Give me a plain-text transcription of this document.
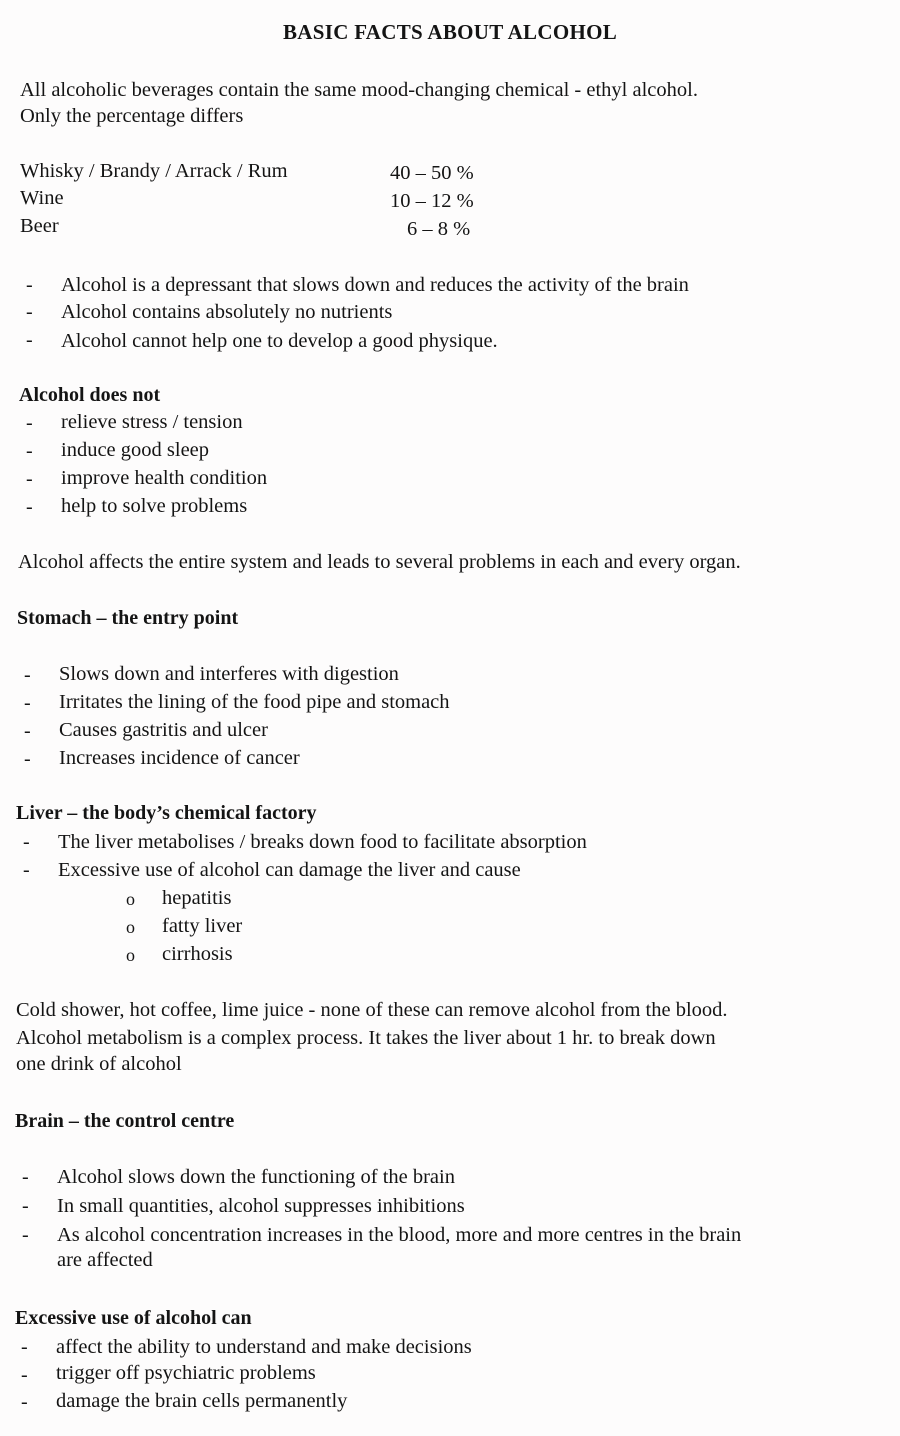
BASIC FACTS ABOUT ALCOHOL
All alcoholic beverages contain the same mood-changing chemical - ethyl alcohol.
Only the percentage differs
Whisky / Brandy / Arrack / Rum	40 – 50 %
Wine	10 – 12 %
Beer	6 – 8 %
- Alcohol is a depressant that slows down and reduces the activity of the brain
- Alcohol contains absolutely no nutrients
- Alcohol cannot help one to develop a good physique.
Alcohol does not
- relieve stress / tension
- induce good sleep
- improve health condition
- help to solve problems
Alcohol affects the entire system and leads to several problems in each and every organ.
Stomach – the entry point
- Slows down and interferes with digestion
- Irritates the lining of the food pipe and stomach
- Causes gastritis and ulcer
- Increases incidence of cancer
Liver – the body’s chemical factory
- The liver metabolises / breaks down food to facilitate absorption
- Excessive use of alcohol can damage the liver and cause
o hepatitis
o fatty liver
o cirrhosis
Cold shower, hot coffee, lime juice - none of these can remove alcohol from the blood.
Alcohol metabolism is a complex process. It takes the liver about 1 hr. to break down
one drink of alcohol
Brain – the control centre
- Alcohol slows down the functioning of the brain
- In small quantities, alcohol suppresses inhibitions
- As alcohol concentration increases in the blood, more and more centres in the brain
are affected
Excessive use of alcohol can
- affect the ability to understand and make decisions
- trigger off psychiatric problems
- damage the brain cells permanently
